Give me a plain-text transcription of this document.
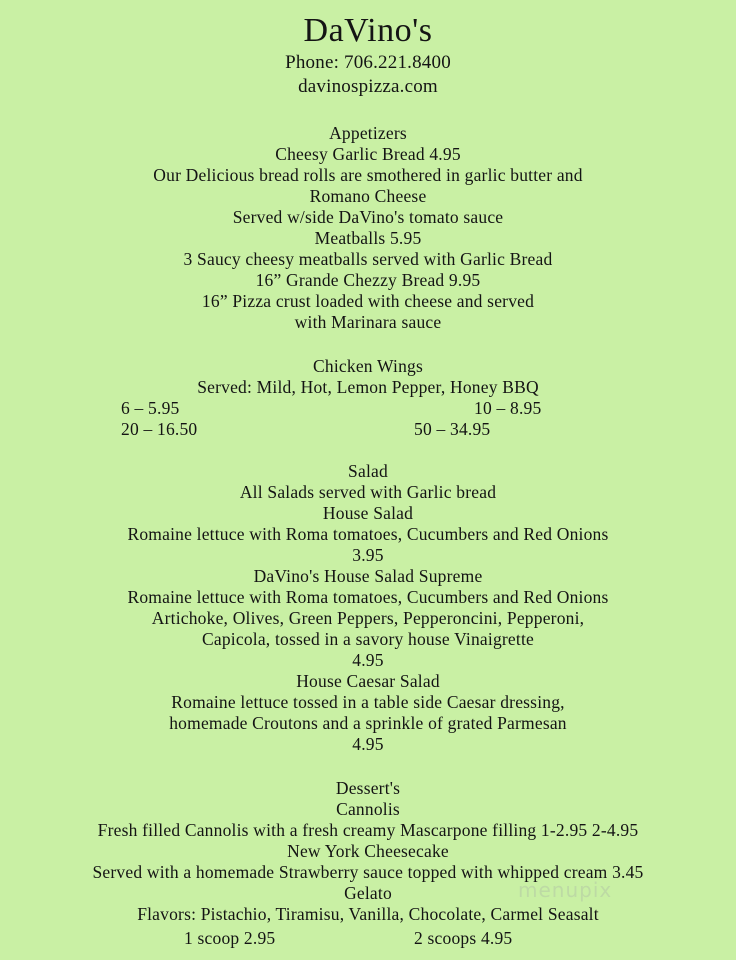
DaVino's
Phone: 706.221.8400
davinospizza.com
Appetizers
Cheesy Garlic Bread 4.95
Our Delicious bread rolls are smothered in garlic butter and
Romano Cheese
Served w/side DaVino's tomato sauce
Meatballs 5.95
3 Saucy cheesy meatballs served with Garlic Bread
16” Grande Chezzy Bread 9.95
16” Pizza crust loaded with cheese and served
with Marinara sauce
Chicken Wings
Served: Mild, Hot, Lemon Pepper, Honey BBQ
6 – 5.95	10 – 8.95
20 – 16.50	50 – 34.95
Salad
All Salads served with Garlic bread
House Salad
Romaine lettuce with Roma tomatoes, Cucumbers and Red Onions
3.95
DaVino's House Salad Supreme
Romaine lettuce with Roma tomatoes, Cucumbers and Red Onions
Artichoke, Olives, Green Peppers, Pepperoncini, Pepperoni,
Capicola, tossed in a savory house Vinaigrette
4.95
House Caesar Salad
Romaine lettuce tossed in a table side Caesar dressing,
homemade Croutons and a sprinkle of grated Parmesan
4.95
Dessert's
Cannolis
Fresh filled Cannolis with a fresh creamy Mascarpone filling 1-2.95 2-4.95
New York Cheesecake
Served with a homemade Strawberry sauce topped with whipped cream 3.45
Gelato
Flavors: Pistachio, Tiramisu, Vanilla, Chocolate, Carmel Seasalt
1 scoop 2.95	2 scoops 4.95
menupix
